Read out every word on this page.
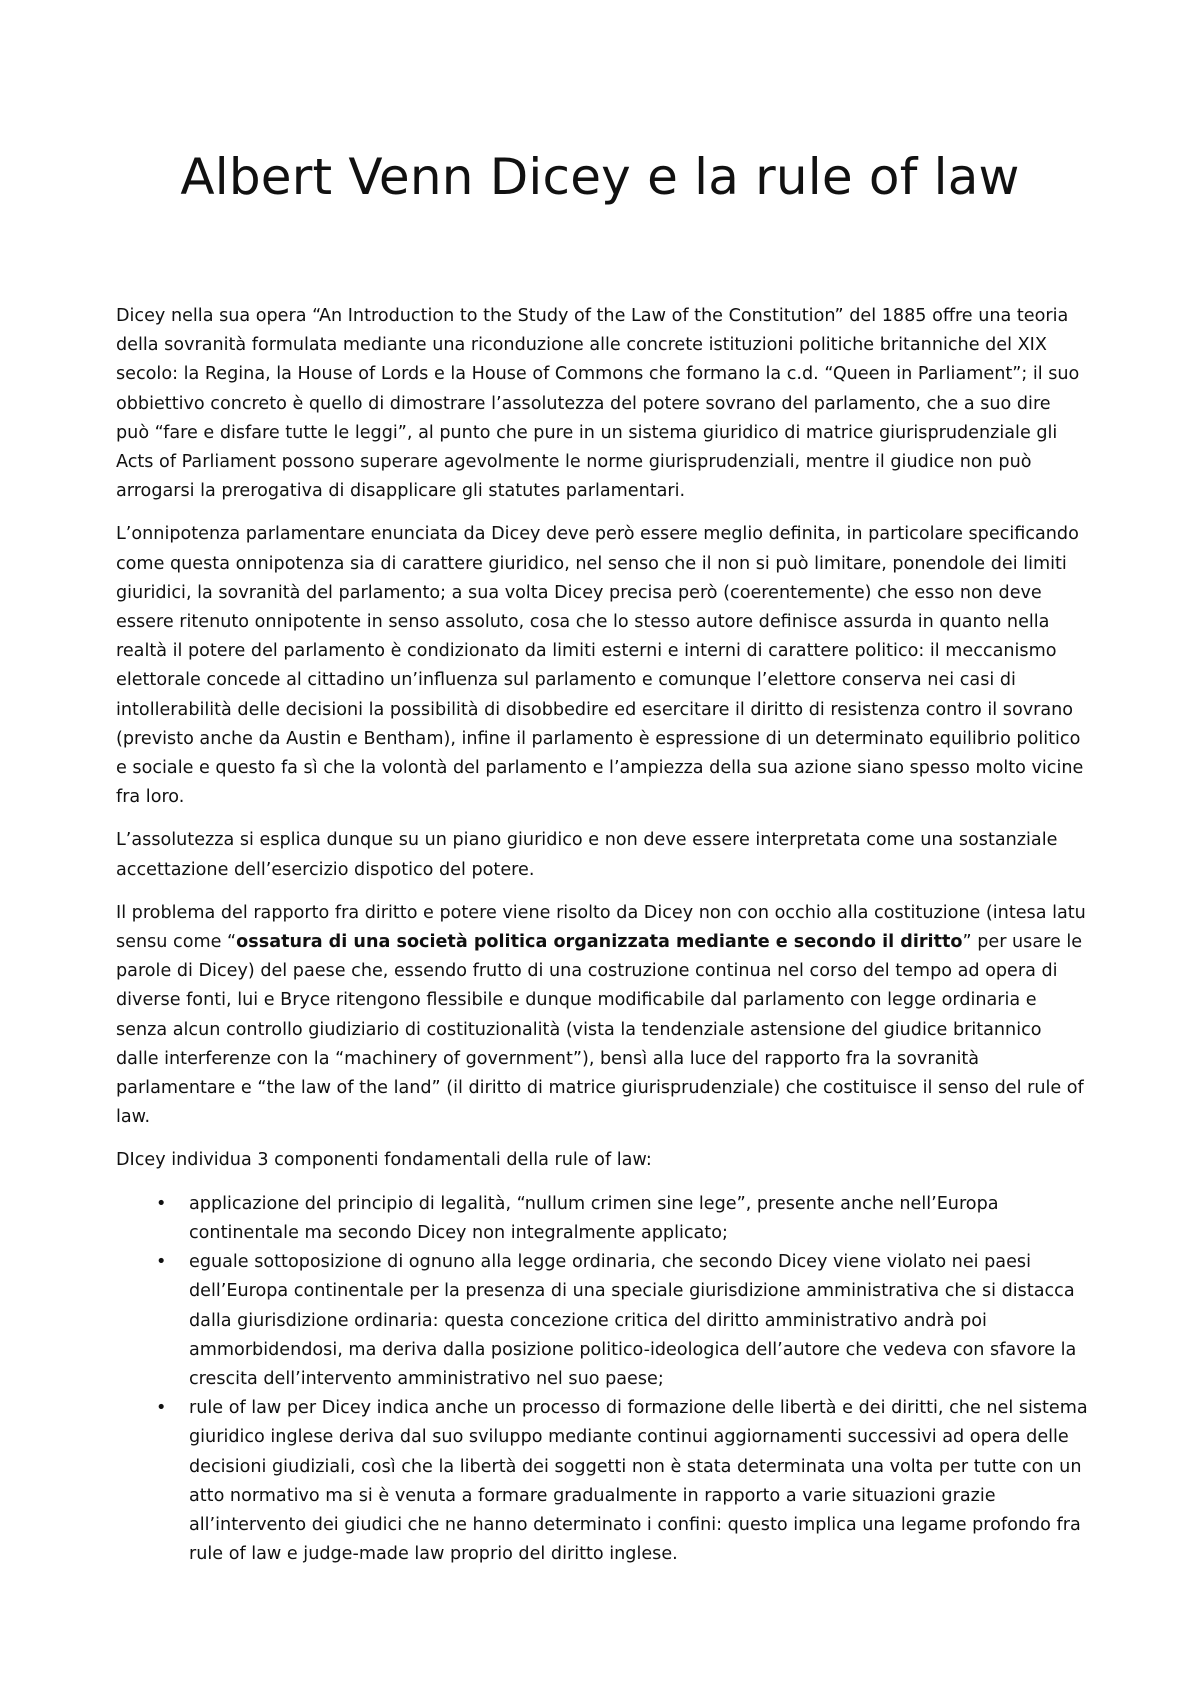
Albert Venn Dicey e la rule of law

Dicey nella sua opera “An Introduction to the Study of the Law of the Constitution” del 1885 offre una teoria della sovranità formulata mediante una riconduzione alle concrete istituzioni politiche britanniche del XIX secolo: la Regina, la House of Lords e la House of Commons che formano la c.d. “Queen in Parliament”; il suo obbiettivo concreto è quello di dimostrare l’assolutezza del potere sovrano del parlamento, che a suo dire può “fare e disfare tutte le leggi”, al punto che pure in un sistema giuridico di matrice giurisprudenziale gli Acts of Parliament possono superare agevolmente le norme giurisprudenziali, mentre il giudice non può arrogarsi la prerogativa di disapplicare gli statutes parlamentari.

L’onnipotenza parlamentare enunciata da Dicey deve però essere meglio definita, in particolare specificando come questa onnipotenza sia di carattere giuridico, nel senso che il non si può limitare, ponendole dei limiti giuridici, la sovranità del parlamento; a sua volta Dicey precisa però (coerentemente) che esso non deve essere ritenuto onnipotente in senso assoluto, cosa che lo stesso autore definisce assurda in quanto nella realtà il potere del parlamento è condizionato da limiti esterni e interni di carattere politico: il meccanismo elettorale concede al cittadino un’influenza sul parlamento e comunque l’elettore conserva nei casi di intollerabilità delle decisioni la possibilità di disobbedire ed esercitare il diritto di resistenza contro il sovrano (previsto anche da Austin e Bentham), infine il parlamento è espressione di un determinato equilibrio politico e sociale e questo fa sì che la volontà del parlamento e l’ampiezza della sua azione siano spesso molto vicine fra loro.

L’assolutezza si esplica dunque su un piano giuridico e non deve essere interpretata come una sostanziale accettazione dell’esercizio dispotico del potere.

Il problema del rapporto fra diritto e potere viene risolto da Dicey non con occhio alla costituzione (intesa latu sensu come “ossatura di una società politica organizzata mediante e secondo il diritto” per usare le parole di Dicey) del paese che, essendo frutto di una costruzione continua nel corso del tempo ad opera di diverse fonti, lui e Bryce ritengono flessibile e dunque modificabile dal parlamento con legge ordinaria e senza alcun controllo giudiziario di costituzionalità (vista la tendenziale astensione del giudice britannico dalle interferenze con la “machinery of government”), bensì alla luce del rapporto fra la sovranità parlamentare e “the law of the land” (il diritto di matrice giurisprudenziale) che costituisce il senso del rule of law.

DIcey individua 3 componenti fondamentali della rule of law:

• applicazione del principio di legalità, “nullum crimen sine lege”, presente anche nell’Europa continentale ma secondo Dicey non integralmente applicato;
• eguale sottoposizione di ognuno alla legge ordinaria, che secondo Dicey viene violato nei paesi dell’Europa continentale per la presenza di una speciale giurisdizione amministrativa che si distacca dalla giurisdizione ordinaria: questa concezione critica del diritto amministrativo andrà poi ammorbidendosi, ma deriva dalla posizione politico-ideologica dell’autore che vedeva con sfavore la crescita dell’intervento amministrativo nel suo paese;
• rule of law per Dicey indica anche un processo di formazione delle libertà e dei diritti, che nel sistema giuridico inglese deriva dal suo sviluppo mediante continui aggiornamenti successivi ad opera delle decisioni giudiziali, così che la libertà dei soggetti non è stata determinata una volta per tutte con un atto normativo ma si è venuta a formare gradualmente in rapporto a varie situazioni grazie all’intervento dei giudici che ne hanno determinato i confini: questo implica una legame profondo fra rule of law e judge-made law proprio del diritto inglese.
